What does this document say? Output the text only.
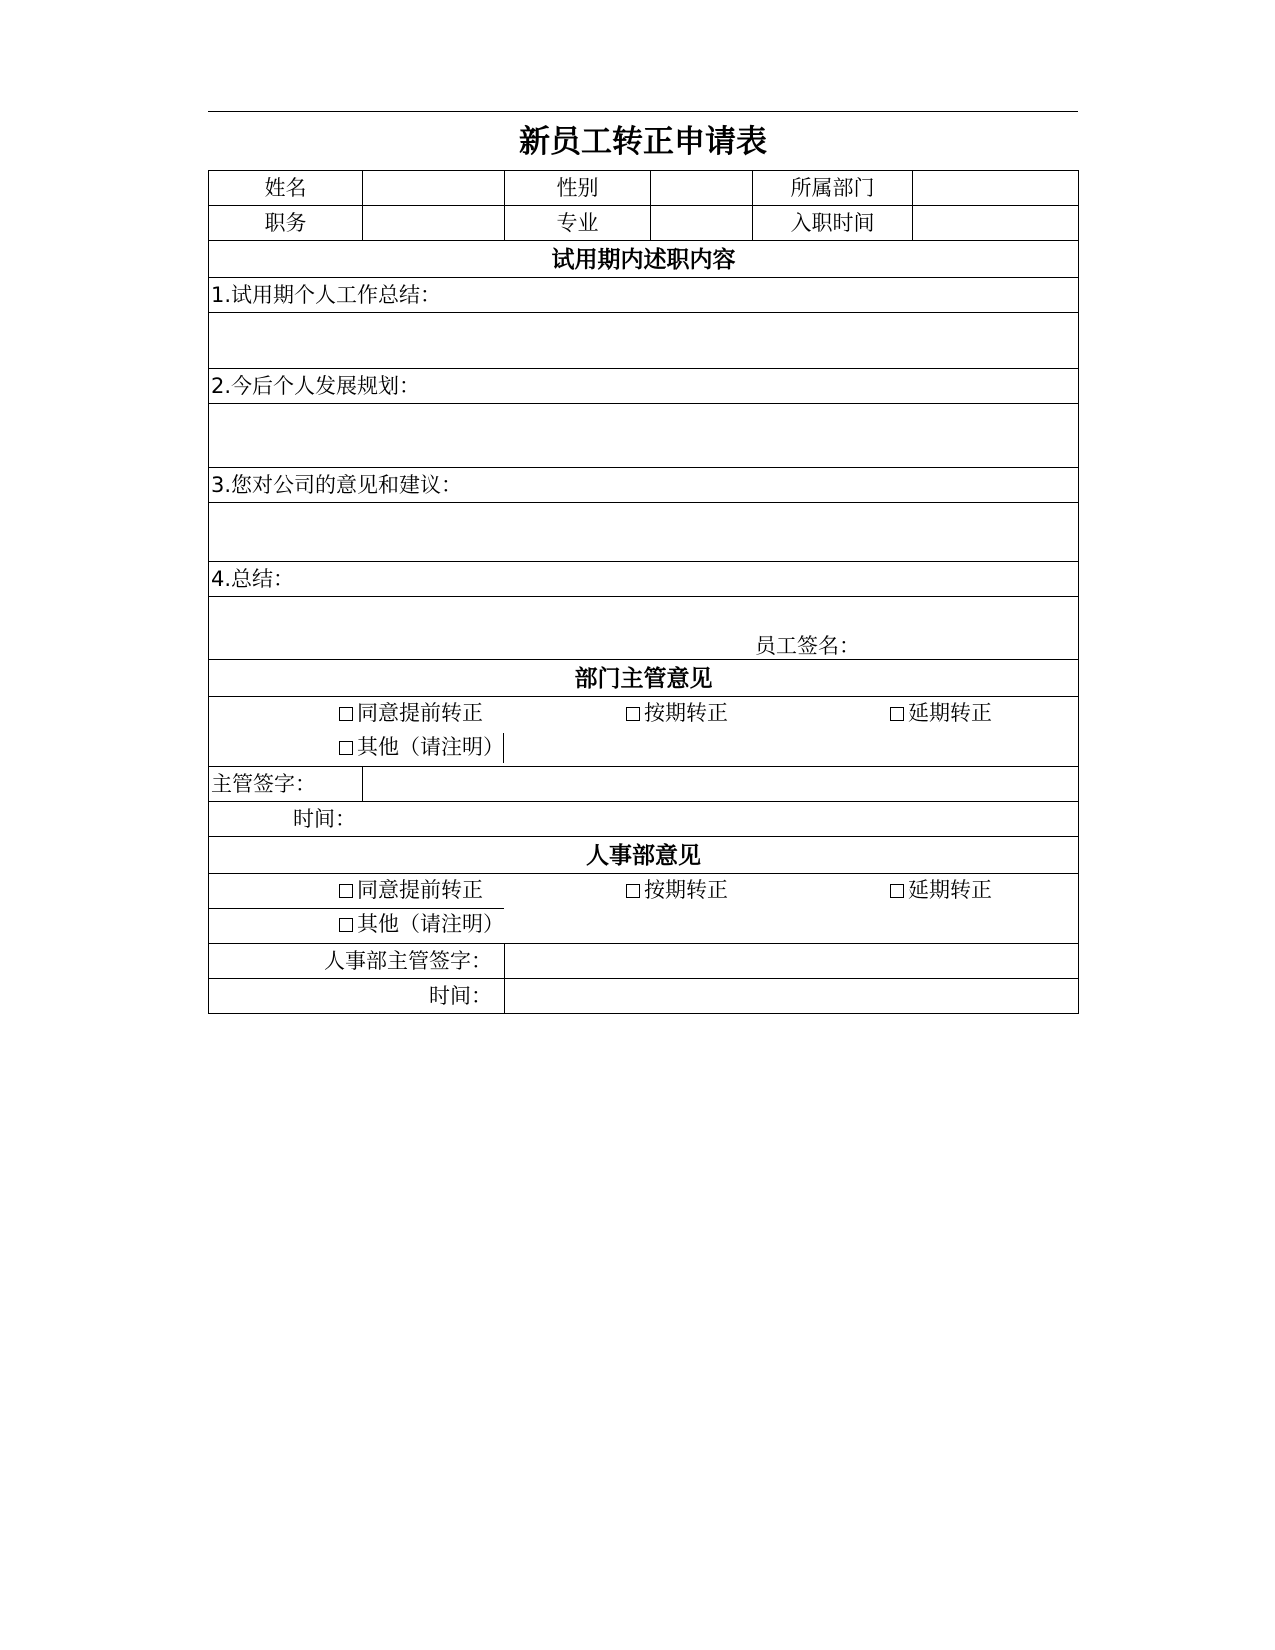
新员工转正申请表
姓名		性别		所属部门	
职务		专业		入职时间	
试用期内述职内容					
1.试用期个人工作总结：					

2.今后个人发展规划：					

3.您对公司的意见和建议：					

4.总结：					

员工签名：					

部门主管意见					

同意提前转正 按期转正 延期转正
其他（请注明）					

主管签字：					
时间：					
人事部意见					

同意提前转正 按期转正 延期转正
其他（请注明）					

人事部主管签字：					
时间：					
